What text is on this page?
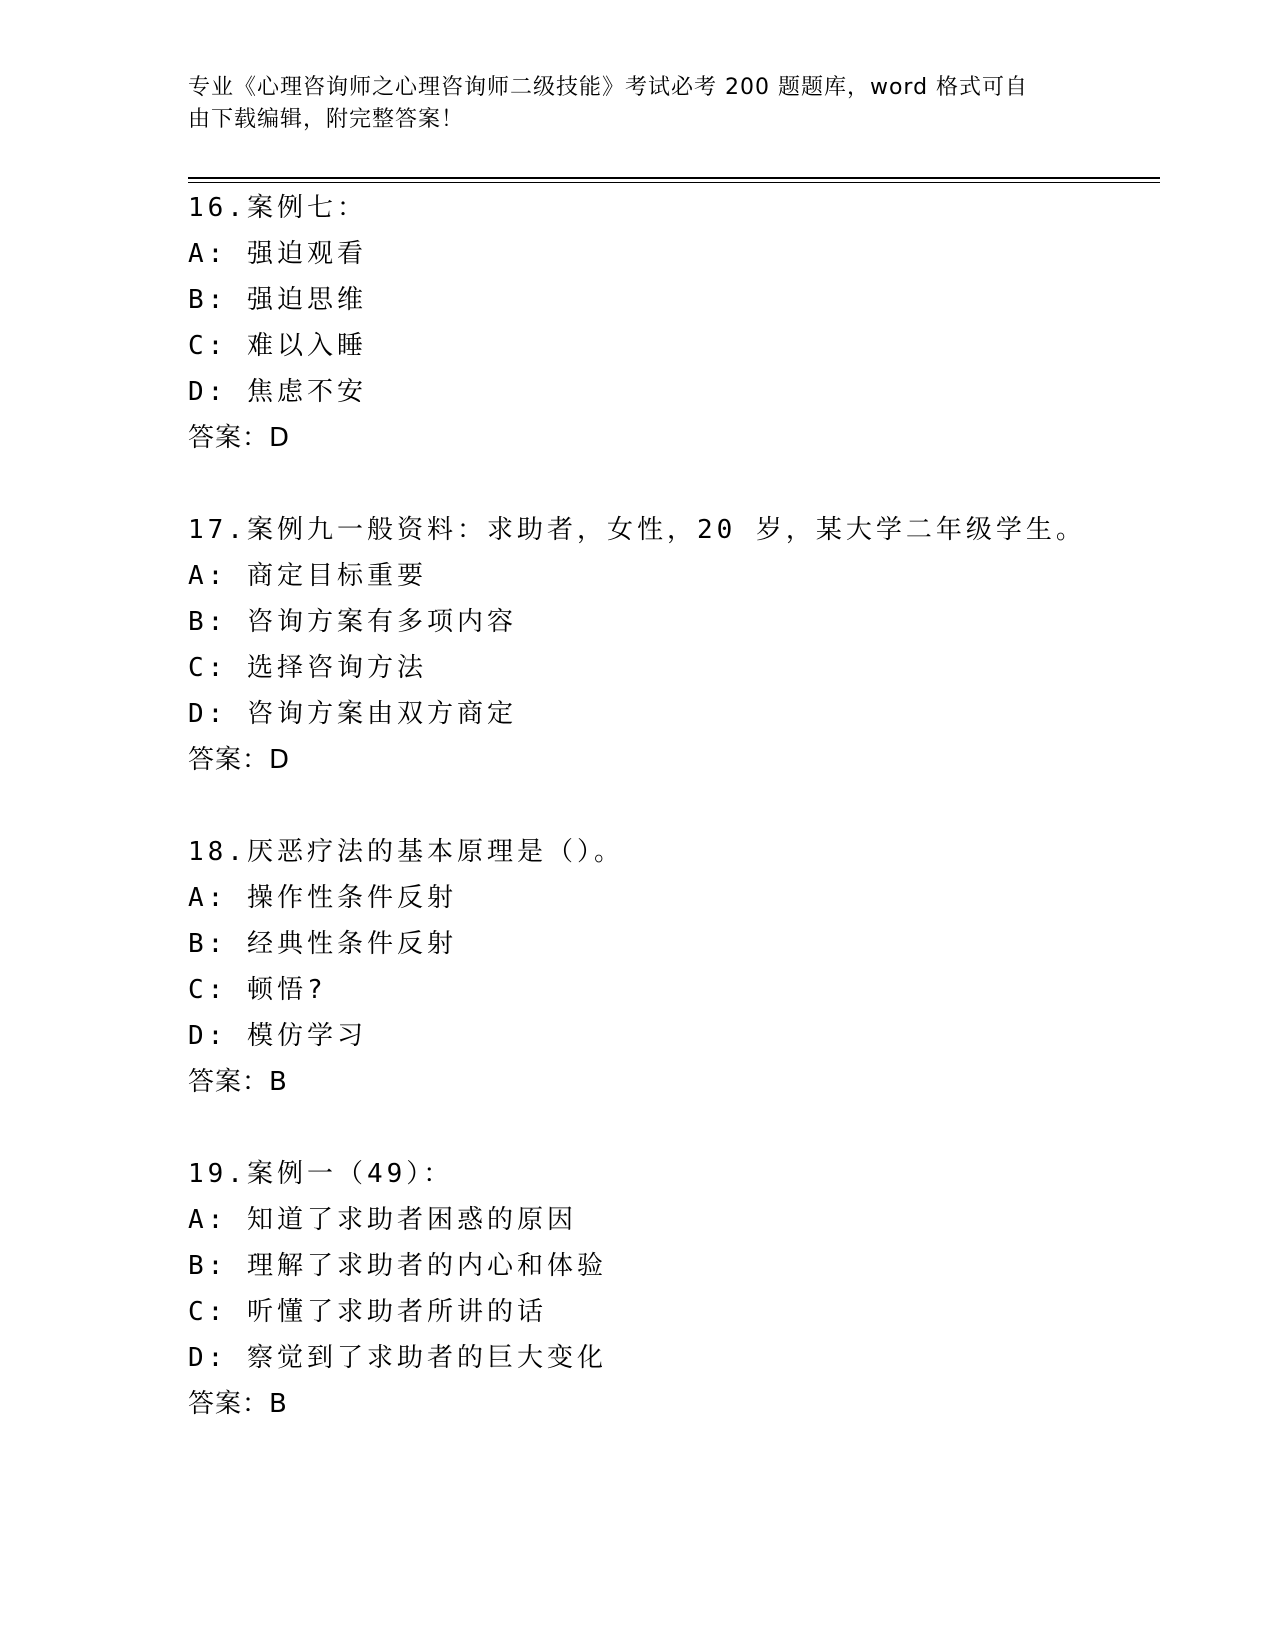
专业《心理咨询师之心理咨询师二级技能》考试必考 200 题题库，word 格式可自
由下载编辑，附完整答案！
16.案例七：
A: 强迫观看
B: 强迫思维
C: 难以入睡
D: 焦虑不安
答案：D
17.案例九一般资料：求助者，女性，20 岁，某大学二年级学生。
A: 商定目标重要
B: 咨询方案有多项内容
C: 选择咨询方法
D: 咨询方案由双方商定
答案：D
18.厌恶疗法的基本原理是（）。
A: 操作性条件反射
B: 经典性条件反射
C: 顿悟?
D: 模仿学习
答案：B
19.案例一（49）：
A: 知道了求助者困惑的原因
B: 理解了求助者的内心和体验
C: 听懂了求助者所讲的话
D: 察觉到了求助者的巨大变化
答案：B
